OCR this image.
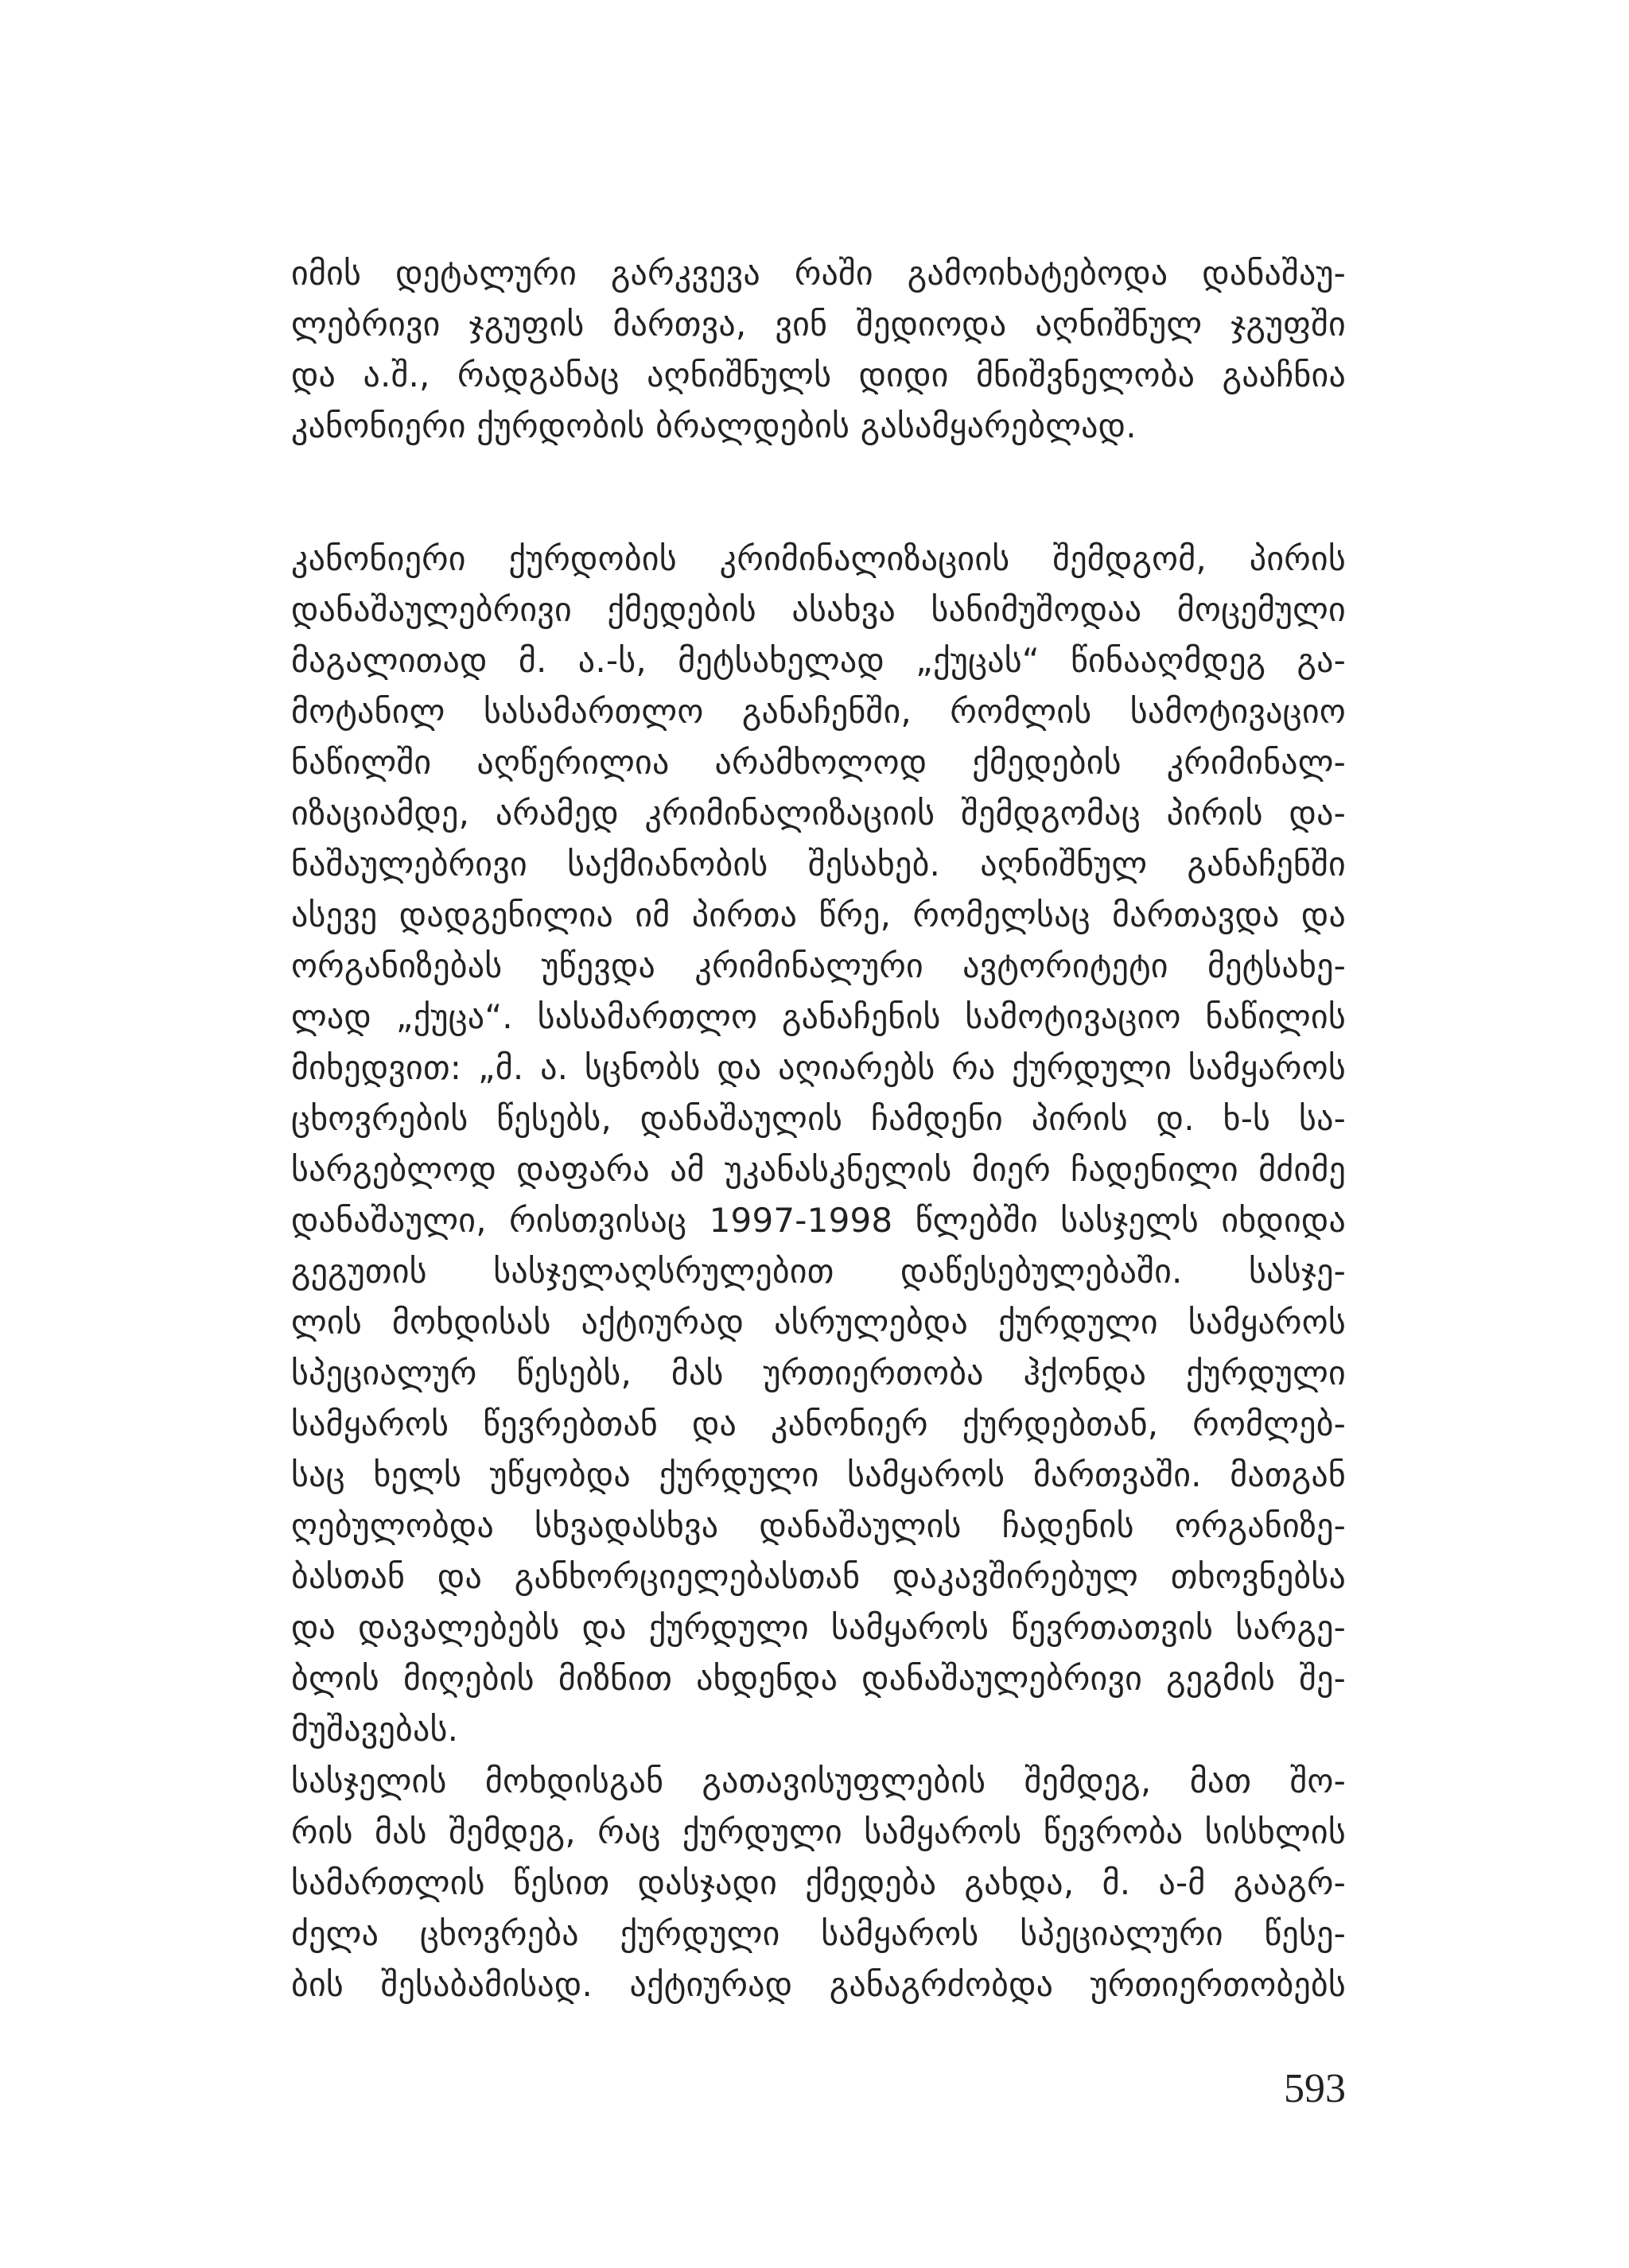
იმის დეტალური გარკვევა რაში გამოიხატებოდა დანაშაუ-
ლებრივი ჯგუფის მართვა, ვინ შედიოდა აღნიშნულ ჯგუფში
და ა.შ., რადგანაც აღნიშნულს დიდი მნიშვნელობა გააჩნია
კანონიერი ქურდობის ბრალდების გასამყარებლად.
კანონიერი ქურდობის კრიმინალიზაციის შემდგომ, პირის
დანაშაულებრივი ქმედების ასახვა სანიმუშოდაა მოცემული
მაგალითად მ. ა.-ს, მეტსახელად „ქუცას“ წინააღმდეგ გა-
მოტანილ სასამართლო განაჩენში, რომლის სამოტივაციო
ნაწილში აღწერილია არამხოლოდ ქმედების კრიმინალ-
იზაციამდე, არამედ კრიმინალიზაციის შემდგომაც პირის და-
ნაშაულებრივი საქმიანობის შესახებ. აღნიშნულ განაჩენში
ასევე დადგენილია იმ პირთა წრე, რომელსაც მართავდა და
ორგანიზებას უწევდა კრიმინალური ავტორიტეტი მეტსახე-
ლად „ქუცა“. სასამართლო განაჩენის სამოტივაციო ნაწილის
მიხედვით: „მ. ა. სცნობს და აღიარებს რა ქურდული სამყაროს
ცხოვრების წესებს, დანაშაულის ჩამდენი პირის დ. ხ-ს სა-
სარგებლოდ დაფარა ამ უკანასკნელის მიერ ჩადენილი მძიმე
დანაშაული, რისთვისაც 1997-1998 წლებში სასჯელს იხდიდა
გეგუთის სასჯელაღსრულებით დაწესებულებაში. სასჯე-
ლის მოხდისას აქტიურად ასრულებდა ქურდული სამყაროს
სპეციალურ წესებს, მას ურთიერთობა ჰქონდა ქურდული
სამყაროს წევრებთან და კანონიერ ქურდებთან, რომლებ-
საც ხელს უწყობდა ქურდული სამყაროს მართვაში. მათგან
ღებულობდა სხვადასხვა დანაშაულის ჩადენის ორგანიზე-
ბასთან და განხორციელებასთან დაკავშირებულ თხოვნებსა
და დავალებებს და ქურდული სამყაროს წევრთათვის სარგე-
ბლის მიღების მიზნით ახდენდა დანაშაულებრივი გეგმის შე-
მუშავებას.
სასჯელის მოხდისგან გათავისუფლების შემდეგ, მათ შო-
რის მას შემდეგ, რაც ქურდული სამყაროს წევრობა სისხლის
სამართლის წესით დასჯადი ქმედება გახდა, მ. ა-მ გააგრ-
ძელა ცხოვრება ქურდული სამყაროს სპეციალური წესე-
ბის შესაბამისად. აქტიურად განაგრძობდა ურთიერთობებს
593
